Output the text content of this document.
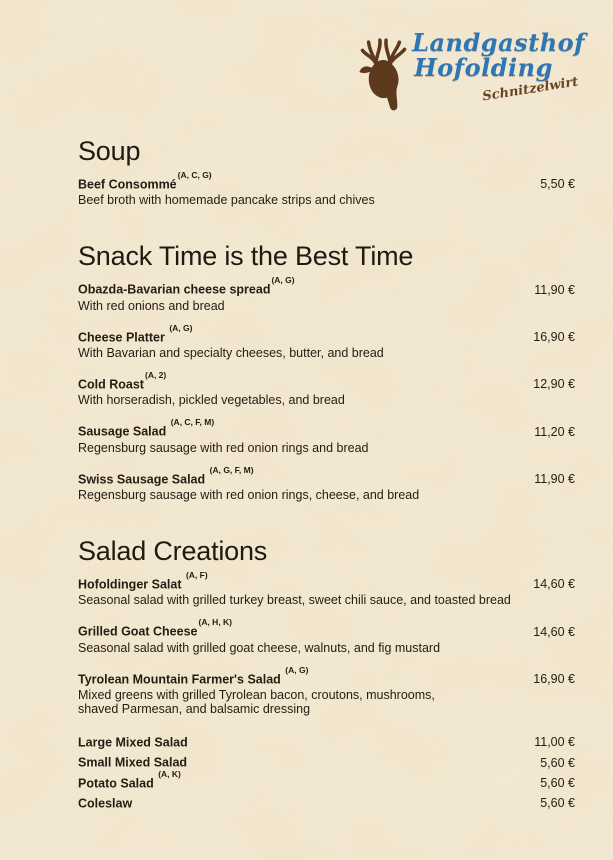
Landgasthof
Hofolding
Schnitzelwirt
Soup
Beef Consommé$^{(A, C, G)}$
5,50 €
Beef broth with homemade pancake strips and chives
Snack Time is the Best Time
Obazda-Bavarian cheese spread$^{(A, G)}$
11,90 €
With red onions and bread
Cheese Platter $^{(A, G)}$
16,90 €
With Bavarian and specialty cheeses, butter, and bread
Cold Roast$^{(A, 2)}$
12,90 €
With horseradish, pickled vegetables, and bread
Sausage Salad $^{(A, C, F, M)}$
11,20 €
Regensburg sausage with red onion rings and bread
Swiss Sausage Salad $^{(A, G, F, M)}$
11,90 €
Regensburg sausage with red onion rings, cheese, and bread
Salad Creations
Hofoldinger Salat $^{(A, F)}$
14,60 €
Seasonal salad with grilled turkey breast, sweet chili sauce, and toasted bread
Grilled Goat Cheese$^{(A, H, K)}$
14,60 €
Seasonal salad with grilled goat cheese, walnuts, and fig mustard
Tyrolean Mountain Farmer's Salad $^{(A, G)}$
16,90 €
Mixed greens with grilled Tyrolean bacon, croutons, mushrooms,
shaved Parmesan, and balsamic dressing
Large Mixed Salad	11,00 €
Small Mixed Salad	5,60 €
Potato Salad $^{(A, K)}$
5,60 €
Coleslaw	5,60 €
